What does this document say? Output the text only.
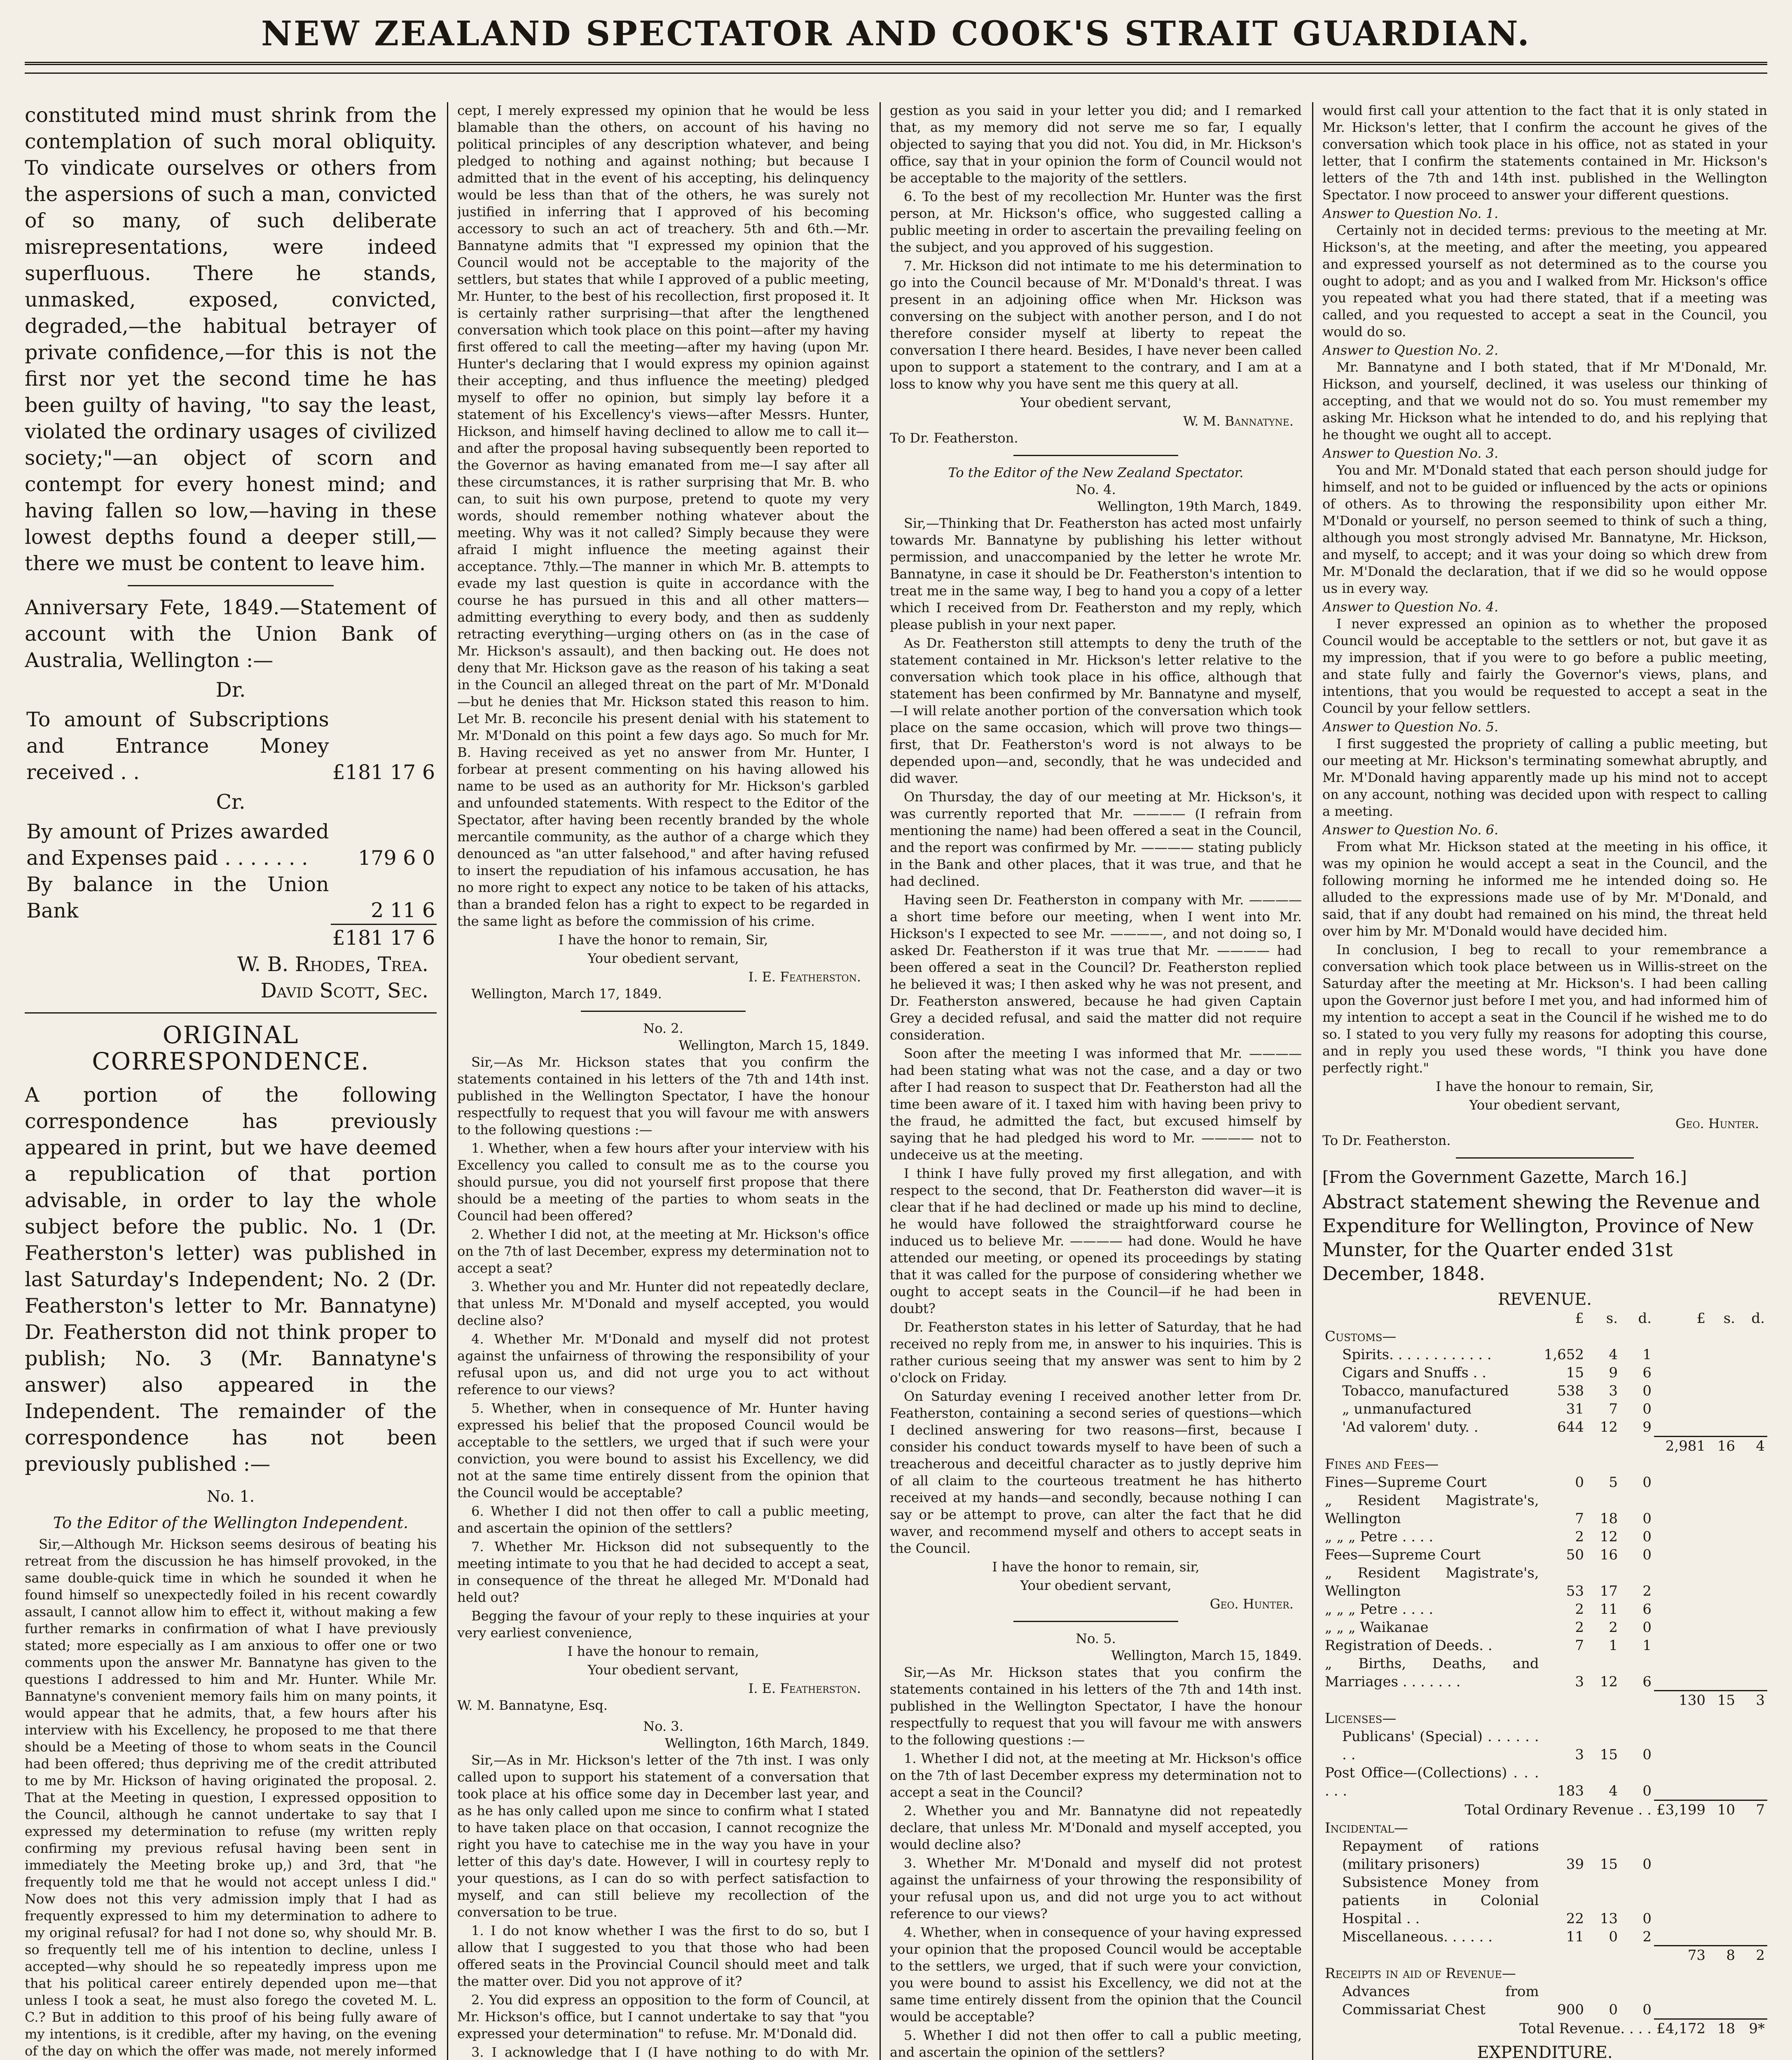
NEW ZEALAND SPECTATOR AND COOK'S STRAIT GUARDIAN.

constituted mind must shrink from the contemplation of such moral obliquity. To vindicate ourselves or others from the aspersions of such a man, convicted of so many, of such deliberate misrepresentations, were indeed superfluous. There he stands, unmasked, exposed, convicted, degraded,—the habitual betrayer of private confidence,—for this is not the first nor yet the second time he has been guilty of having, "to say the least, violated the ordinary usages of civilized society;"—an object of scorn and contempt for every honest mind; and having fallen so low,—having in these lowest depths found a deeper still,—there we must be content to leave him.

Anniversary Fete, 1849.—Statement of account with the Union Bank of Australia, Wellington :—

Dr.
To amount of Subscriptions and Entrance Money received . .	£181 17 6
Cr.
By amount of Prizes awarded and Expenses paid . . . . . . .	179 6 0
By balance in the Union Bank	2 11 6
	£181 17 6
W. B. Rhodes, Trea.
David Scott, Sec.
ORIGINAL CORRESPONDENCE.

A portion of the following correspondence has previously appeared in print, but we have deemed a republication of that portion advisable, in order to lay the whole subject before the public. No. 1 (Dr. Featherston's letter) was published in last Saturday's Independent; No. 2 (Dr. Featherston's letter to Mr. Bannatyne) Dr. Featherston did not think proper to publish; No. 3 (Mr. Bannatyne's answer) also appeared in the Independent. The remainder of the correspondence has not been previously published :—

No. 1.
To the Editor of the Wellington Independent.

Sir,—Although Mr. Hickson seems desirous of beating his retreat from the discussion he has himself provoked, in the same double-quick time in which he sounded it when he found himself so unexpectedly foiled in his recent cowardly assault, I cannot allow him to effect it, without making a few further remarks in confirmation of what I have previously stated; more especially as I am anxious to offer one or two comments upon the answer Mr. Bannatyne has given to the questions I addressed to him and Mr. Hunter. While Mr. Bannatyne's convenient memory fails him on many points, it would appear that he admits, that, a few hours after his interview with his Excellency, he proposed to me that there should be a Meeting of those to whom seats in the Council had been offered; thus depriving me of the credit attributed to me by Mr. Hickson of having originated the proposal. 2. That at the Meeting in question, I expressed opposition to the Council, although he cannot undertake to say that I expressed my determination to refuse (my written reply confirming my previous refusal having been sent in immediately the Meeting broke up,) and 3rd, that "he frequently told me that he would not accept unless I did." Now does not this very admission imply that I had as frequently expressed to him my determination to adhere to my original refusal? for had I not done so, why should Mr. B. so frequently tell me of his intention to decline, unless I accepted—why should he so repeatedly impress upon me that his political career entirely depended upon me—that unless I took a seat, he must also forego the coveted M. L. C.? But in addition to this proof of his being fully aware of my intentions, is it credible, after my having, on the evening of the day on which the offer was made, not merely informed

cept, I merely expressed my opinion that he would be less blamable than the others, on account of his having no political principles of any description whatever, and being pledged to nothing and against nothing; but because I admitted that in the event of his accepting, his delinquency would be less than that of the others, he was surely not justified in inferring that I approved of his becoming accessory to such an act of treachery. 5th and 6th.—Mr. Bannatyne admits that "I expressed my opinion that the Council would not be acceptable to the majority of the settlers, but states that while I approved of a public meeting, Mr. Hunter, to the best of his recollection, first proposed it. It is certainly rather surprising—that after the lengthened conversation which took place on this point—after my having first offered to call the meeting—after my having (upon Mr. Hunter's declaring that I would express my opinion against their accepting, and thus influence the meeting) pledged myself to offer no opinion, but simply lay before it a statement of his Excellency's views—after Messrs. Hunter, Hickson, and himself having declined to allow me to call it—and after the proposal having subsequently been reported to the Governor as having emanated from me—I say after all these circumstances, it is rather surprising that Mr. B. who can, to suit his own purpose, pretend to quote my very words, should remember nothing whatever about the meeting. Why was it not called? Simply because they were afraid I might influence the meeting against their acceptance. 7thly.—The manner in which Mr. B. attempts to evade my last question is quite in accordance with the course he has pursued in this and all other matters—admitting everything to every body, and then as suddenly retracting everything—urging others on (as in the case of Mr. Hickson's assault), and then backing out. He does not deny that Mr. Hickson gave as the reason of his taking a seat in the Council an alleged threat on the part of Mr. M'Donald—but he denies that Mr. Hickson stated this reason to him. Let Mr. B. reconcile his present denial with his statement to Mr. M'Donald on this point a few days ago. So much for Mr. B. Having received as yet no answer from Mr. Hunter, I forbear at present commenting on his having allowed his name to be used as an authority for Mr. Hickson's garbled and unfounded statements. With respect to the Editor of the Spectator, after having been recently branded by the whole mercantile community, as the author of a charge which they denounced as "an utter falsehood," and after having refused to insert the repudiation of his infamous accusation, he has no more right to expect any notice to be taken of his attacks, than a branded felon has a right to expect to be regarded in the same light as before the commission of his crime.

I have the honor to remain, Sir,

Your obedient servant,

I. E. Featherston.

Wellington, March 17, 1849.

No. 2.
Wellington, March 15, 1849.

Sir,—As Mr. Hickson states that you confirm the statements contained in his letters of the 7th and 14th inst. published in the Wellington Spectator, I have the honour respectfully to request that you will favour me with answers to the following questions :—

1. Whether, when a few hours after your interview with his Excellency you called to consult me as to the course you should pursue, you did not yourself first propose that there should be a meeting of the parties to whom seats in the Council had been offered?

2. Whether I did not, at the meeting at Mr. Hickson's office on the 7th of last December, express my determination not to accept a seat?

3. Whether you and Mr. Hunter did not repeatedly declare, that unless Mr. M'Donald and myself accepted, you would decline also?

4. Whether Mr. M'Donald and myself did not protest against the unfairness of throwing the responsibility of your refusal upon us, and did not urge you to act without reference to our views?

5. Whether, when in consequence of Mr. Hunter having expressed his belief that the proposed Council would be acceptable to the settlers, we urged that if such were your conviction, you were bound to assist his Excellency, we did not at the same time entirely dissent from the opinion that the Council would be acceptable?

6. Whether I did not then offer to call a public meeting, and ascertain the opinion of the settlers?

7. Whether Mr. Hickson did not subsequently to the meeting intimate to you that he had decided to accept a seat, in consequence of the threat he alleged Mr. M'Donald had held out?

Begging the favour of your reply to these inquiries at your very earliest convenience,

I have the honour to remain,

Your obedient servant,

I. E. Featherston.

W. M. Bannatyne, Esq.

No. 3.
Wellington, 16th March, 1849.

Sir,—As in Mr. Hickson's letter of the 7th inst. I was only called upon to support his statement of a conversation that took place at his office some day in December last year, and as he has only called upon me since to confirm what I stated to have taken place on that occasion, I cannot recognize the right you have to catechise me in the way you have in your letter of this day's date. However, I will in courtesy reply to your questions, as I can do so with perfect satisfaction to myself, and can still believe my recollection of the conversation to be true.

1. I do not know whether I was the first to do so, but I allow that I suggested to you that those who had been offered seats in the Provincial Council should meet and talk the matter over. Did you not approve of it?

2. You did express an opposition to the form of Council, at Mr. Hickson's office, but I cannot undertake to say that "you expressed your determination" to refuse. Mr. M'Donald did.

3. I acknowledge that I (I have nothing to do with Mr.

gestion as you said in your letter you did; and I remarked that, as my memory did not serve me so far, I equally objected to saying that you did not. You did, in Mr. Hickson's office, say that in your opinion the form of Council would not be acceptable to the majority of the settlers.

6. To the best of my recollection Mr. Hunter was the first person, at Mr. Hickson's office, who suggested calling a public meeting in order to ascertain the prevailing feeling on the subject, and you approved of his suggestion.

7. Mr. Hickson did not intimate to me his determination to go into the Council because of Mr. M'Donald's threat. I was present in an adjoining office when Mr. Hickson was conversing on the subject with another person, and I do not therefore consider myself at liberty to repeat the conversation I there heard. Besides, I have never been called upon to support a statement to the contrary, and I am at a loss to know why you have sent me this query at all.

Your obedient servant,

W. M. Bannatyne.

To Dr. Featherston.

To the Editor of the New Zealand Spectator.
No. 4.
Wellington, 19th March, 1849.

Sir,—Thinking that Dr. Featherston has acted most unfairly towards Mr. Bannatyne by publishing his letter without permission, and unaccompanied by the letter he wrote Mr. Bannatyne, in case it should be Dr. Featherston's intention to treat me in the same way, I beg to hand you a copy of a letter which I received from Dr. Featherston and my reply, which please publish in your next paper.

As Dr. Featherston still attempts to deny the truth of the statement contained in Mr. Hickson's letter relative to the conversation which took place in his office, although that statement has been confirmed by Mr. Bannatyne and myself,—I will relate another portion of the conversation which took place on the same occasion, which will prove two things—first, that Dr. Featherston's word is not always to be depended upon—and, secondly, that he was undecided and did waver.

On Thursday, the day of our meeting at Mr. Hickson's, it was currently reported that Mr. ———— (I refrain from mentioning the name) had been offered a seat in the Council, and the report was confirmed by Mr. ———— stating publicly in the Bank and other places, that it was true, and that he had declined.

Having seen Dr. Featherston in company with Mr. ———— a short time before our meeting, when I went into Mr. Hickson's I expected to see Mr. ————, and not doing so, I asked Dr. Featherston if it was true that Mr. ———— had been offered a seat in the Council? Dr. Featherston replied he believed it was; I then asked why he was not present, and Dr. Featherston answered, because he had given Captain Grey a decided refusal, and said the matter did not require consideration.

Soon after the meeting I was informed that Mr. ———— had been stating what was not the case, and a day or two after I had reason to suspect that Dr. Featherston had all the time been aware of it. I taxed him with having been privy to the fraud, he admitted the fact, but excused himself by saying that he had pledged his word to Mr. ———— not to undeceive us at the meeting.

I think I have fully proved my first allegation, and with respect to the second, that Dr. Featherston did waver—it is clear that if he had declined or made up his mind to decline, he would have followed the straightforward course he induced us to believe Mr. ———— had done. Would he have attended our meeting, or opened its proceedings by stating that it was called for the purpose of considering whether we ought to accept seats in the Council—if he had been in doubt?

Dr. Featherston states in his letter of Saturday, that he had received no reply from me, in answer to his inquiries. This is rather curious seeing that my answer was sent to him by 2 o'clock on Friday.

On Saturday evening I received another letter from Dr. Featherston, containing a second series of questions—which I declined answering for two reasons—first, because I consider his conduct towards myself to have been of such a treacherous and deceitful character as to justly deprive him of all claim to the courteous treatment he has hitherto received at my hands—and secondly, because nothing I can say or be attempt to prove, can alter the fact that he did waver, and recommend myself and others to accept seats in the Council.

I have the honor to remain, sir,

Your obedient servant,

Geo. Hunter.
No. 5.
Wellington, March 15, 1849.

Sir,—As Mr. Hickson states that you confirm the statements contained in his letters of the 7th and 14th inst. published in the Wellington Spectator, I have the honour respectfully to request that you will favour me with answers to the following questions :—

1. Whether I did not, at the meeting at Mr. Hickson's office on the 7th of last December express my determination not to accept a seat in the Council?

2. Whether you and Mr. Bannatyne did not repeatedly declare, that unless Mr. M'Donald and myself accepted, you would decline also?

3. Whether Mr. M'Donald and myself did not protest against the unfairness of your throwing the responsibility of your refusal upon us, and did not urge you to act without reference to our views?

4. Whether, when in consequence of your having expressed your opinion that the proposed Council would be acceptable to the settlers, we urged, that if such were your conviction, you were bound to assist his Excellency, we did not at the same time entirely dissent from the opinion that the Council would be acceptable?

5. Whether I did not then offer to call a public meeting, and ascertain the opinion of the settlers?

would first call your attention to the fact that it is only stated in Mr. Hickson's letter, that I confirm the account he gives of the conversation which took place in his office, not as stated in your letter, that I confirm the statements contained in Mr. Hickson's letters of the 7th and 14th inst. published in the Wellington Spectator. I now proceed to answer your different questions.

Answer to Question No. 1.

Certainly not in decided terms: previous to the meeting at Mr. Hickson's, at the meeting, and after the meeting, you appeared and expressed yourself as not determined as to the course you ought to adopt; and as you and I walked from Mr. Hickson's office you repeated what you had there stated, that if a meeting was called, and you requested to accept a seat in the Council, you would do so.

Answer to Question No. 2.

Mr. Bannatyne and I both stated, that if Mr M'Donald, Mr. Hickson, and yourself, declined, it was useless our thinking of accepting, and that we would not do so. You must remember my asking Mr. Hickson what he intended to do, and his replying that he thought we ought all to accept.

Answer to Question No. 3.

You and Mr. M'Donald stated that each person should judge for himself, and not to be guided or influenced by the acts or opinions of others. As to throwing the responsibility upon either Mr. M'Donald or yourself, no person seemed to think of such a thing, although you most strongly advised Mr. Bannatyne, Mr. Hickson, and myself, to accept; and it was your doing so which drew from Mr. M'Donald the declaration, that if we did so he would oppose us in every way.

Answer to Question No. 4.

I never expressed an opinion as to whether the proposed Council would be acceptable to the settlers or not, but gave it as my impression, that if you were to go before a public meeting, and state fully and fairly the Governor's views, plans, and intentions, that you would be requested to accept a seat in the Council by your fellow settlers.

Answer to Question No. 5.

I first suggested the propriety of calling a public meeting, but our meeting at Mr. Hickson's terminating somewhat abruptly, and Mr. M'Donald having apparently made up his mind not to accept on any account, nothing was decided upon with respect to calling a meeting.

Answer to Question No. 6.

From what Mr. Hickson stated at the meeting in his office, it was my opinion he would accept a seat in the Council, and the following morning he informed me he intended doing so. He alluded to the expressions made use of by Mr. M'Donald, and said, that if any doubt had remained on his mind, the threat held over him by Mr. M'Donald would have decided him.

In conclusion, I beg to recall to your remembrance a conversation which took place between us in Willis-street on the Saturday after the meeting at Mr. Hickson's. I had been calling upon the Governor just before I met you, and had informed him of my intention to accept a seat in the Council if he wished me to do so. I stated to you very fully my reasons for adopting this course, and in reply you used these words, "I think you have done perfectly right."

I have the honour to remain, Sir,

Your obedient servant,

Geo. Hunter.

To Dr. Featherston.

[From the Government Gazette, March 16.]

Abstract statement shewing the Revenue and Expenditure for Wellington, Province of New Munster, for the Quarter ended 31st December, 1848.

REVENUE.
	£	s.	d.	£	s.	d.
Customs—						
Spirits. . . . . . . . . . . .	1,652	4	1			
Cigars and Snuffs . .	15	9	6			
Tobacco, manufactured	538	3	0			
„ unmanufactured	31	7	0			
'Ad valorem' duty. .	644	12	9			
				2,981	16	4
Fines and Fees—						
Fines—Supreme Court	0	5	0			
„ Resident Magistrate's, Wellington	7	18	0			
„ „ „ Petre . . . .	2	12	0			
Fees—Supreme Court	50	16	0			
„ Resident Magistrate's, Wellington	53	17	2			
„ „ „ Petre . . . .	2	11	6			
„ „ „ Waikanae	2	2	0			
Registration of Deeds. .	7	1	1			
„ Births, Deaths, and Marriages . . . . . . .	3	12	6			
				130	15	3
Licenses—						
Publicans' (Special) . . . . . . . .	3	15	0			
Post Office—(Collections) . . . . . .	183	4	0			
Total Ordinary Revenue . .				£3,199	10	7
Incidental—						
Repayment of rations (military prisoners)	39	15	0			
Subsistence Money from patients in Colonial Hospital . .	22	13	0			
Miscellaneous. . . . . .	11	0	2			
				73	8	2
Receipts in aid of Revenue—						
Advances from Commissariat Chest	900	0	0			
Total Revenue. . . .				£4,172	18	9*
EXPENDITURE.
